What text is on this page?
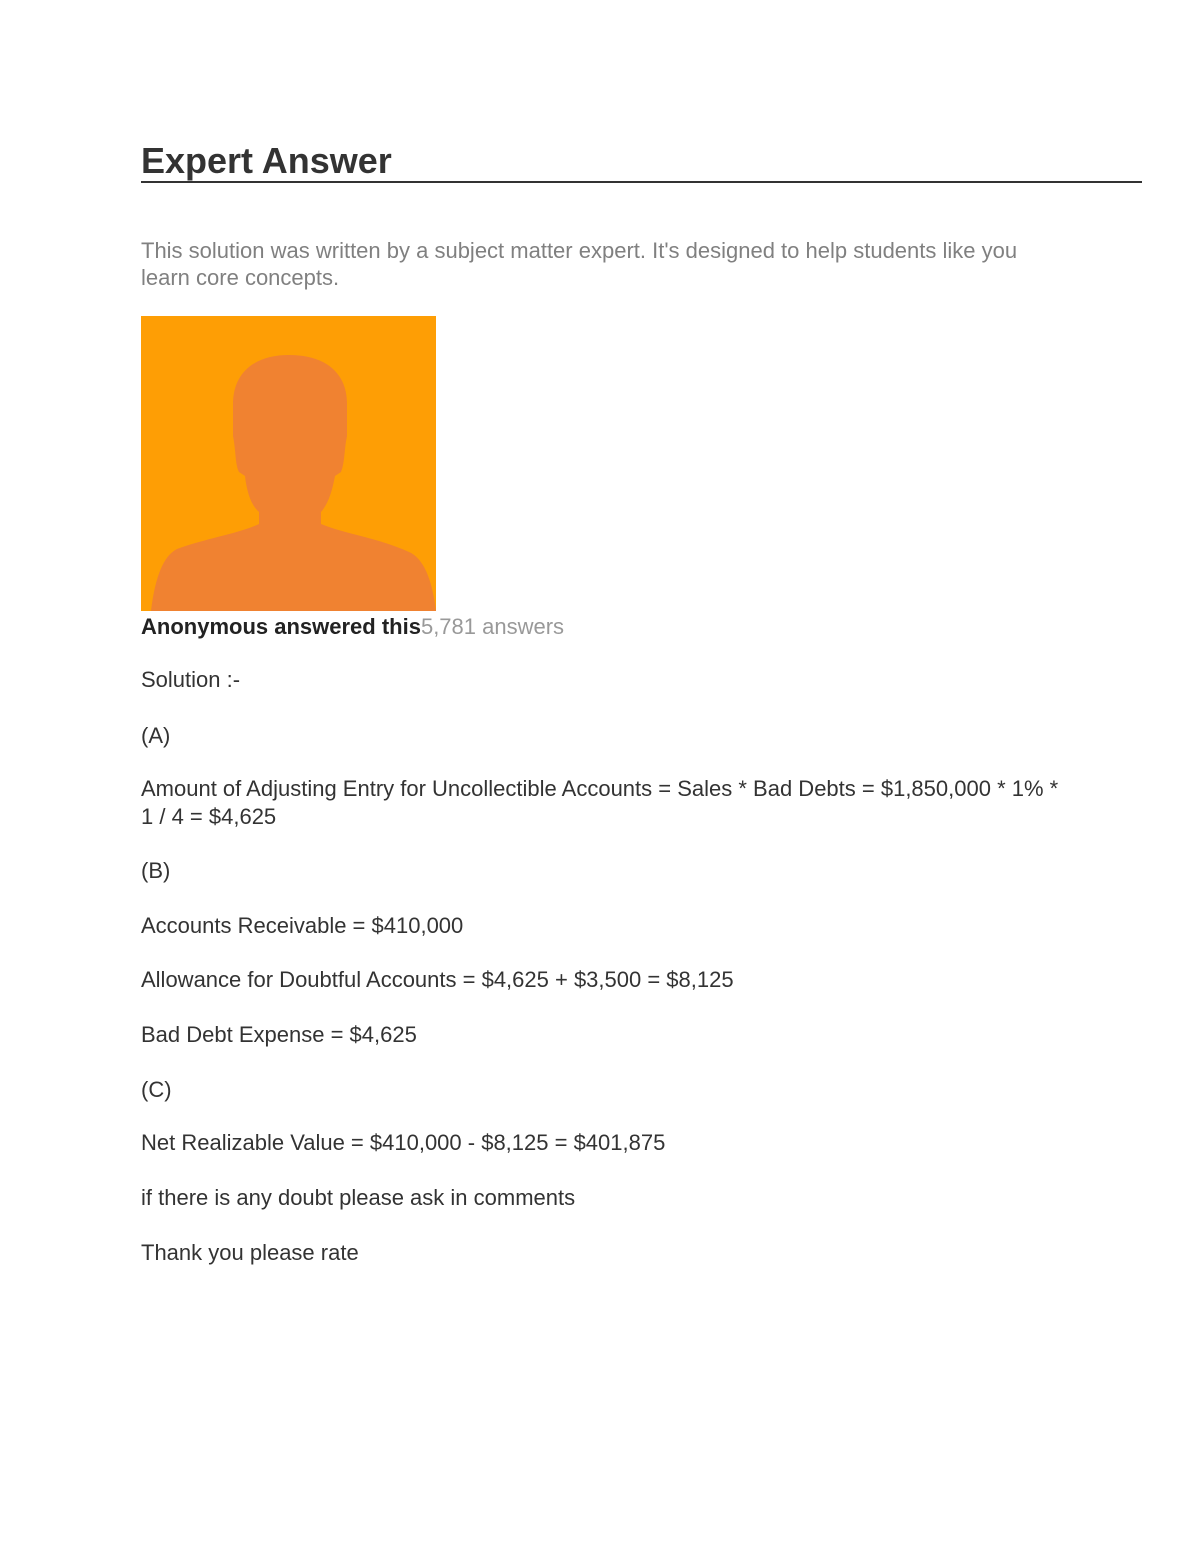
Expert Answer

This solution was written by a subject matter expert. It's designed to help students like you learn core concepts.

Anonymous answered this5,781 answers

Solution :-

(A)

Amount of Adjusting Entry for Uncollectible Accounts = Sales * Bad Debts = $1,850,000 * 1% * 1 / 4 = $4,625

(B)

Accounts Receivable = $410,000

Allowance for Doubtful Accounts = $4,625 + $3,500 = $8,125

Bad Debt Expense = $4,625

(C)

Net Realizable Value = $410,000 - $8,125 = $401,875

if there is any doubt please ask in comments

Thank you please rate
